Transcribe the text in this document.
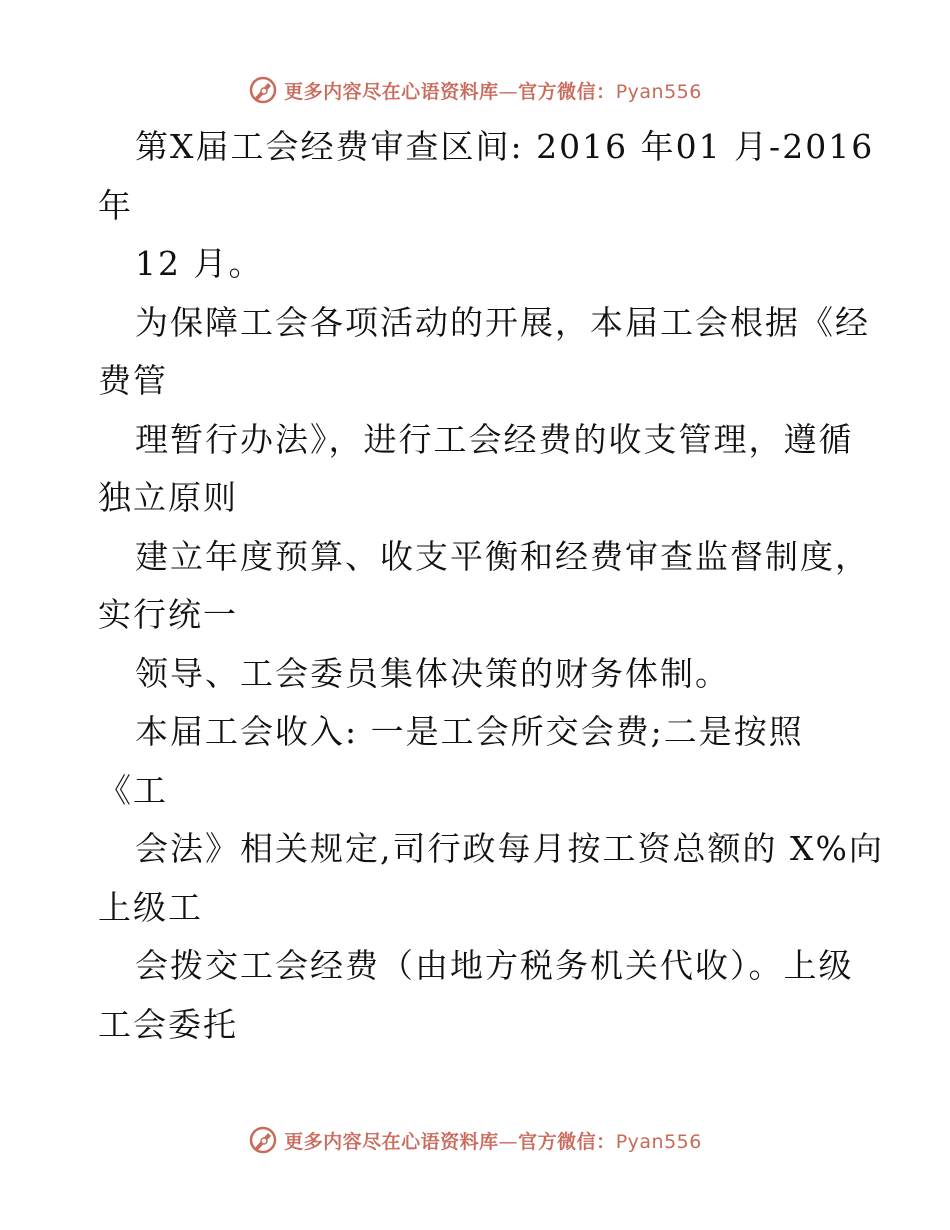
更多内容尽在心语资料库—官方微信：Pyan556
第X届工会经费审查区间: 2016 年01 月-2016
年
12 月。
为保障工会各项活动的开展，本届工会根据《经
费管
理暂行办法》，进行工会经费的收支管理，遵循
独立原则
建立年度预算、收支平衡和经费审查监督制度，
实行统一
领导、工会委员集体决策的财务体制。
本届工会收入: 一是工会所交会费;二是按照
《工
会法》相关规定,司行政每月按工资总额的 X%向
上级工
会拨交工会经费（由地方税务机关代收）。上级
工会委托
更多内容尽在心语资料库—官方微信：Pyan556
